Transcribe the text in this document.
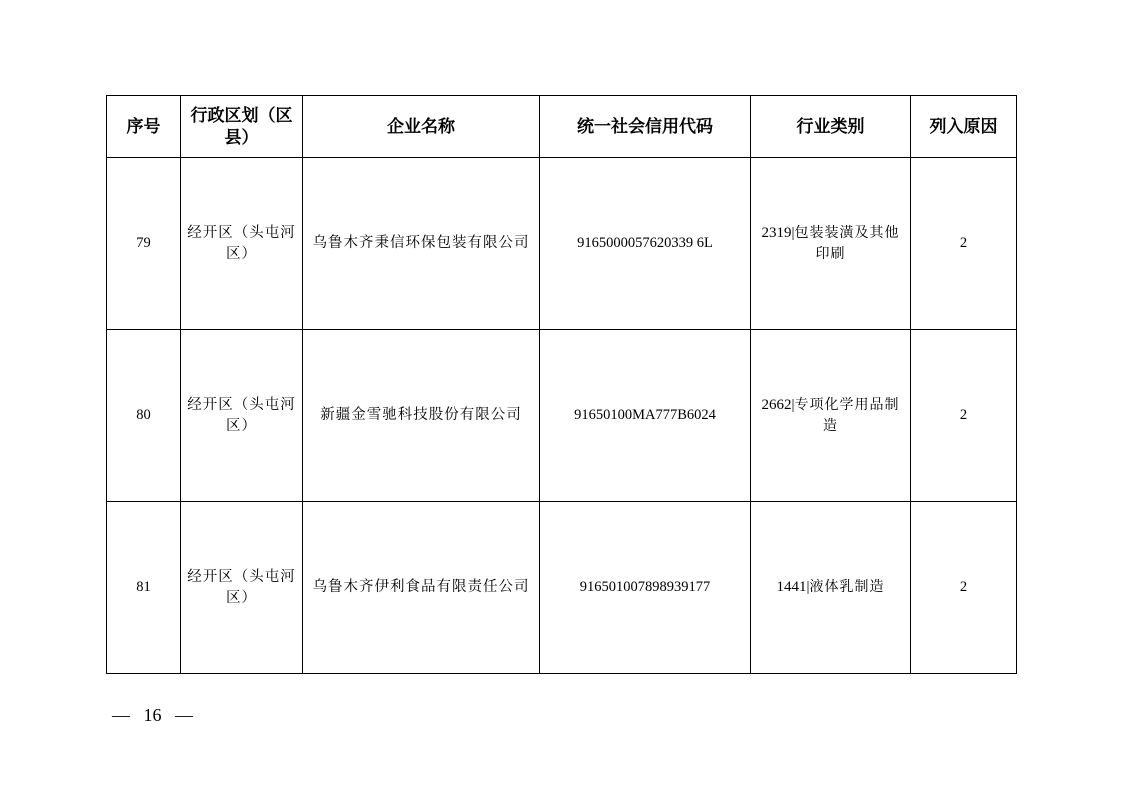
序号	行政区划（区县）	企业名称	统一社会信用代码	行业类别	列入原因
79	经开区（头屯河区）	乌鲁木齐秉信环保包装有限公司	9165000057620339 6L	2319|包装装潢及其他印刷	2
80	经开区（头屯河区）	新疆金雪驰科技股份有限公司	91650100MA777B6024	2662|专项化学用品制造	2
81	经开区（头屯河区）	乌鲁木齐伊利食品有限责任公司	916501007898939177	1441|液体乳制造	2
— 16 —
